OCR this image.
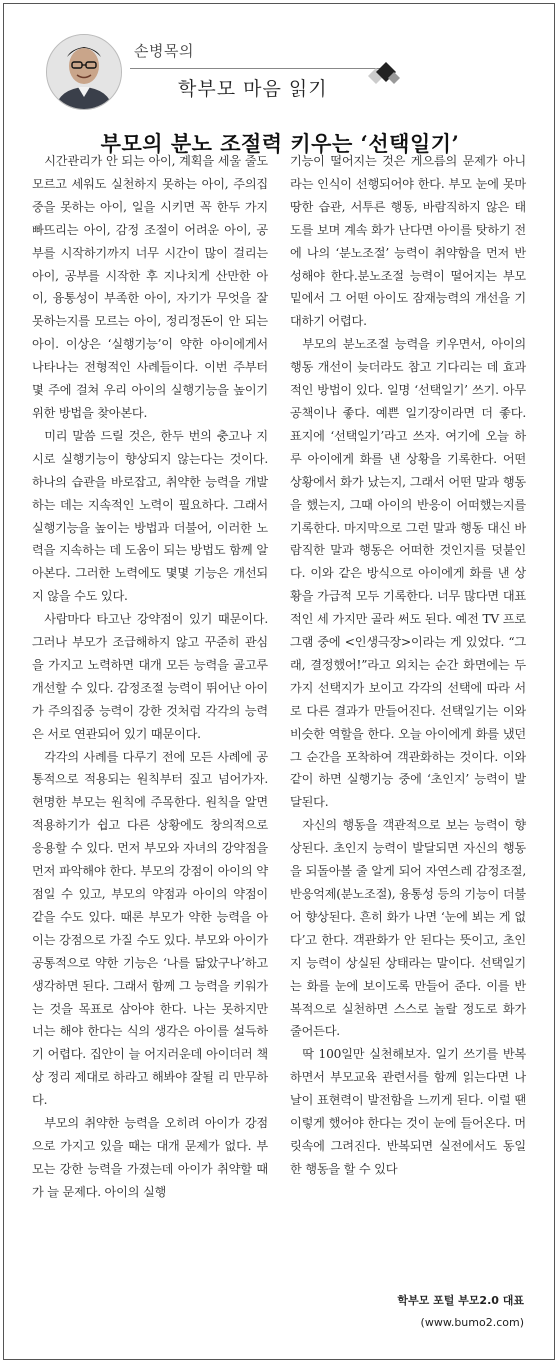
손병목의
학부모 마음 읽기
부모의 분노 조절력 키우는 ‘선택일기’

시간관리가 안 되는 아이, 계획을 세울 줄도 모르고 세워도 실천하지 못하는 아이, 주의집중을 못하는 아이, 일을 시키면 꼭 한두 가지 빠뜨리는 아이, 감정 조절이 어려운 아이, 공부를 시작하기까지 너무 시간이 많이 걸리는 아이, 공부를 시작한 후 지나치게 산만한 아이, 융통성이 부족한 아이, 자기가 무엇을 잘못하는지를 모르는 아이, 정리정돈이 안 되는 아이. 이상은 ‘실행기능’이 약한 아이에게서 나타나는 전형적인 사례들이다. 이번 주부터 몇 주에 걸쳐 우리 아이의 실행기능을 높이기 위한 방법을 찾아본다.

미리 말씀 드릴 것은, 한두 번의 충고나 지시로 실행기능이 향상되지 않는다는 것이다. 하나의 습관을 바로잡고, 취약한 능력을 개발하는 데는 지속적인 노력이 필요하다. 그래서 실행기능을 높이는 방법과 더불어, 이러한 노력을 지속하는 데 도움이 되는 방법도 함께 알아본다. 그러한 노력에도 몇몇 기능은 개선되지 않을 수도 있다.

사람마다 타고난 강약점이 있기 때문이다. 그러나 부모가 조급해하지 않고 꾸준히 관심을 가지고 노력하면 대개 모든 능력을 골고루 개선할 수 있다. 감정조절 능력이 뛰어난 아이가 주의집중 능력이 강한 것처럼 각각의 능력은 서로 연관되어 있기 때문이다.

각각의 사례를 다루기 전에 모든 사례에 공통적으로 적용되는 원칙부터 짚고 넘어가자. 현명한 부모는 원칙에 주목한다. 원칙을 알면 적용하기가 쉽고 다른 상황에도 창의적으로 응용할 수 있다. 먼저 부모와 자녀의 강약점을 먼저 파악해야 한다. 부모의 강점이 아이의 약점일 수 있고, 부모의 약점과 아이의 약점이 같을 수도 있다. 때론 부모가 약한 능력을 아이는 강점으로 가질 수도 있다. 부모와 아이가 공통적으로 약한 기능은 ‘나를 닮았구나’하고 생각하면 된다. 그래서 함께 그 능력을 키워가는 것을 목표로 삼아야 한다. 나는 못하지만 너는 해야 한다는 식의 생각은 아이를 설득하기 어렵다. 집안이 늘 어지러운데 아이더러 책상 정리 제대로 하라고 해봐야 잘될 리 만무하다.

부모의 취약한 능력을 오히려 아이가 강점으로 가지고 있을 때는 대개 문제가 없다. 부모는 강한 능력을 가졌는데 아이가 취약할 때가 늘 문제다. 아이의 실행

기능이 떨어지는 것은 게으름의 문제가 아니라는 인식이 선행되어야 한다. 부모 눈에 못마땅한 습관, 서투른 행동, 바람직하지 않은 태도를 보며 계속 화가 난다면 아이를 탓하기 전에 나의 ‘분노조절’ 능력이 취약함을 먼저 반성해야 한다.분노조절 능력이 떨어지는 부모 밑에서 그 어떤 아이도 잠재능력의 개선을 기대하기 어렵다.

부모의 분노조절 능력을 키우면서, 아이의 행동 개선이 늦더라도 참고 기다리는 데 효과적인 방법이 있다. 일명 ‘선택일기’ 쓰기. 아무 공책이나 좋다. 예쁜 일기장이라면 더 좋다. 표지에 ‘선택일기’라고 쓰자. 여기에 오늘 하루 아이에게 화를 낸 상황을 기록한다. 어떤 상황에서 화가 났는지, 그래서 어떤 말과 행동을 했는지, 그때 아이의 반응이 어떠했는지를 기록한다. 마지막으로 그런 말과 행동 대신 바람직한 말과 행동은 어떠한 것인지를 덧붙인다. 이와 같은 방식으로 아이에게 화를 낸 상황을 가급적 모두 기록한다. 너무 많다면 대표적인 세 가지만 골라 써도 된다. 예전 TV 프로그램 중에 <인생극장>이라는 게 있었다. “그래, 결정했어!”라고 외치는 순간 화면에는 두 가지 선택지가 보이고 각각의 선택에 따라 서로 다른 결과가 만들어진다. 선택일기는 이와 비슷한 역할을 한다. 오늘 아이에게 화를 냈던 그 순간을 포착하여 객관화하는 것이다. 이와 같이 하면 실행기능 중에 ‘초인지’ 능력이 발달된다.

자신의 행동을 객관적으로 보는 능력이 향상된다. 초인지 능력이 발달되면 자신의 행동을 되돌아볼 줄 알게 되어 자연스레 감정조절, 반응억제(분노조절), 융통성 등의 기능이 더불어 향상된다. 흔히 화가 나면 ‘눈에 뵈는 게 없다’고 한다. 객관화가 안 된다는 뜻이고, 초인지 능력이 상실된 상태라는 말이다. 선택일기는 화를 눈에 보이도록 만들어 준다. 이를 반복적으로 실천하면 스스로 놀랄 정도로 화가 줄어든다.

딱 100일만 실천해보자. 일기 쓰기를 반복하면서 부모교육 관련서를 함께 읽는다면 나날이 표현력이 발전함을 느끼게 된다. 이럴 땐 이렇게 했어야 한다는 것이 눈에 들어온다. 머릿속에 그려진다. 반복되면 실전에서도 동일한 행동을 할 수 있다

학부모 포털 부모2.0 대표
(www.bumo2.com)
